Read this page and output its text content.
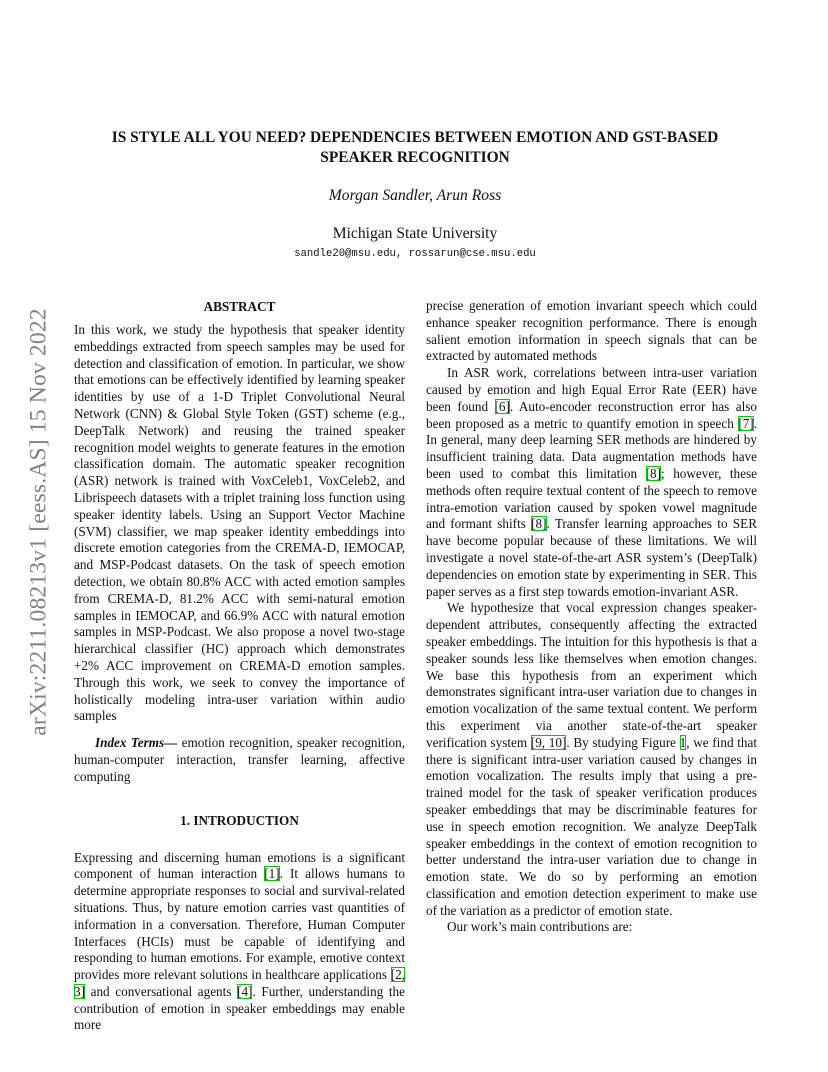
arXiv:2211.08213v1 [eess.AS] 15 Nov 2022
IS STYLE ALL YOU NEED? DEPENDENCIES BETWEEN EMOTION AND GST-BASED SPEAKER RECOGNITION
Morgan Sandler, Arun Ross
Michigan State University
sandle20@msu.edu, rossarun@cse.msu.edu
ABSTRACT

In this work, we study the hypothesis that speaker identity embeddings extracted from speech samples may be used for detection and classification of emotion. In particular, we show that emotions can be effectively identified by learning speaker identities by use of a 1-D Triplet Convolutional Neural Network (CNN) & Global Style Token (GST) scheme (e.g., DeepTalk Network) and reusing the trained speaker recognition model weights to generate features in the emotion classification domain. The automatic speaker recognition (ASR) network is trained with VoxCeleb1, VoxCeleb2, and Librispeech datasets with a triplet training loss function using speaker identity labels. Using an Support Vector Machine (SVM) classifier, we map speaker identity embeddings into discrete emotion categories from the CREMA-D, IEMOCAP, and MSP-Podcast datasets. On the task of speech emotion detection, we obtain 80.8% ACC with acted emotion samples from CREMA-D, 81.2% ACC with semi-natural emotion samples in IEMOCAP, and 66.9% ACC with natural emotion samples in MSP-Podcast. We also propose a novel two-stage hierarchical classifier (HC) approach which demonstrates +2% ACC improvement on CREMA-D emotion samples. Through this work, we seek to convey the importance of holistically modeling intra-user variation within audio samples

Index Terms— emotion recognition, speaker recognition, human-computer interaction, transfer learning, affective computing

1. INTRODUCTION

Expressing and discerning human emotions is a significant component of human interaction [1]. It allows humans to determine appropriate responses to social and survival-related situations. Thus, by nature emotion carries vast quantities of information in a conversation. Therefore, Human Computer Interfaces (HCIs) must be capable of identifying and responding to human emotions. For example, emotive context provides more relevant solutions in healthcare applications [2, 3] and conversational agents [4]. Further, understanding the contribution of emotion in speaker embeddings may enable more

precise generation of emotion invariant speech which could enhance speaker recognition performance. There is enough salient emotion information in speech signals that can be extracted by automated methods

In ASR work, correlations between intra-user variation caused by emotion and high Equal Error Rate (EER) have been found [6]. Auto-encoder reconstruction error has also been proposed as a metric to quantify emotion in speech [7]. In general, many deep learning SER methods are hindered by insufficient training data. Data augmentation methods have been used to combat this limitation [8]; however, these methods often require textual content of the speech to remove intra-emotion variation caused by spoken vowel magnitude and formant shifts [8]. Transfer learning approaches to SER have become popular because of these limitations. We will investigate a novel state-of-the-art ASR system’s (DeepTalk) dependencies on emotion state by experimenting in SER. This paper serves as a first step towards emotion-invariant ASR.

We hypothesize that vocal expression changes speaker-dependent attributes, consequently affecting the extracted speaker embeddings. The intuition for this hypothesis is that a speaker sounds less like themselves when emotion changes. We base this hypothesis from an experiment which demonstrates significant intra-user variation due to changes in emotion vocalization of the same textual content. We perform this experiment via another state-of-the-art speaker verification system [9, 10]. By studying Figure 1, we find that there is significant intra-user variation caused by changes in emotion vocalization. The results imply that using a pre-trained model for the task of speaker verification produces speaker embeddings that may be discriminable features for use in speech emotion recognition. We analyze DeepTalk speaker embeddings in the context of emotion recognition to better understand the intra-user variation due to change in emotion state. We do so by performing an emotion classification and emotion detection experiment to make use of the variation as a predictor of emotion state.

Our work’s main contributions are:
